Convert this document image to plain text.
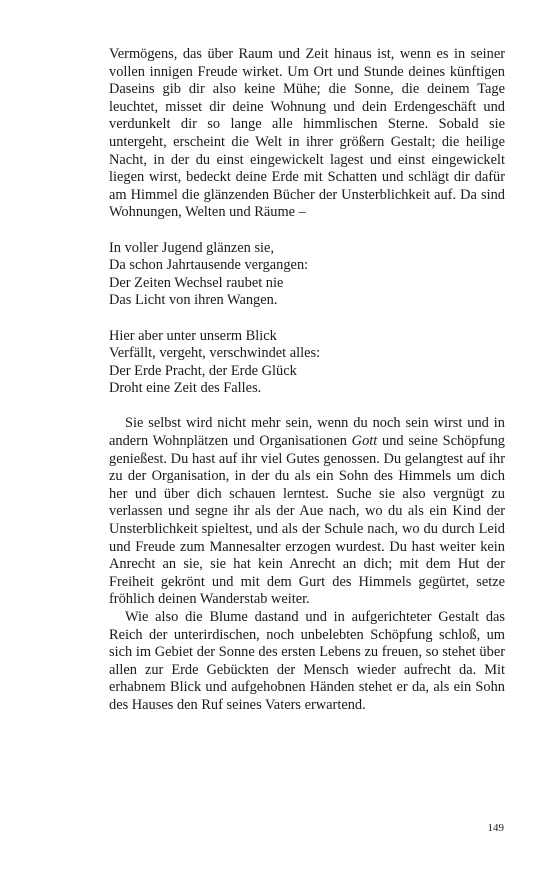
Vermögens, das über Raum und Zeit hinaus ist, wenn es in seiner vollen innigen Freude wirket. Um Ort und Stunde deines künftigen Daseins gib dir also keine Mühe; die Sonne, die deinem Tage leuchtet, misset dir deine Wohnung und dein Erdengeschäft und verdunkelt dir so lange alle himmlischen Sterne. Sobald sie untergeht, erscheint die Welt in ihrer größern Gestalt; die heilige Nacht, in der du einst eingewickelt lagest und einst eingewickelt liegen wirst, bedeckt deine Erde mit Schatten und schlägt dir dafür am Himmel die glänzenden Bücher der Unsterblichkeit auf. Da sind Wohnungen, Welten und Räume –

In voller Jugend glänzen sie,
Da schon Jahrtausende vergangen:
Der Zeiten Wechsel raubet nie
Das Licht von ihren Wangen.
Hier aber unter unserm Blick
Verfällt, vergeht, verschwindet alles:
Der Erde Pracht, der Erde Glück
Droht eine Zeit des Falles.

Sie selbst wird nicht mehr sein, wenn du noch sein wirst und in andern Wohnplätzen und Organisationen Gott und seine Schöpfung genießest. Du hast auf ihr viel Gutes genossen. Du gelangtest auf ihr zu der Organisation, in der du als ein Sohn des Himmels um dich her und über dich schauen lerntest. Suche sie also vergnügt zu verlassen und segne ihr als der Aue nach, wo du als ein Kind der Unsterblichkeit spieltest, und als der Schule nach, wo du durch Leid und Freude zum Mannesalter erzogen wurdest. Du hast weiter kein Anrecht an sie, sie hat kein Anrecht an dich; mit dem Hut der Freiheit gekrönt und mit dem Gurt des Himmels gegürtet, setze fröhlich deinen Wanderstab weiter.

Wie also die Blume dastand und in aufgerichteter Gestalt das Reich der unterirdischen, noch unbelebten Schöpfung schloß, um sich im Gebiet der Sonne des ersten Lebens zu freuen, so stehet über allen zur Erde Gebückten der Mensch wieder aufrecht da. Mit erhabnem Blick und aufgehobnen Händen stehet er da, als ein Sohn des Hauses den Ruf seines Vaters erwartend.

149
